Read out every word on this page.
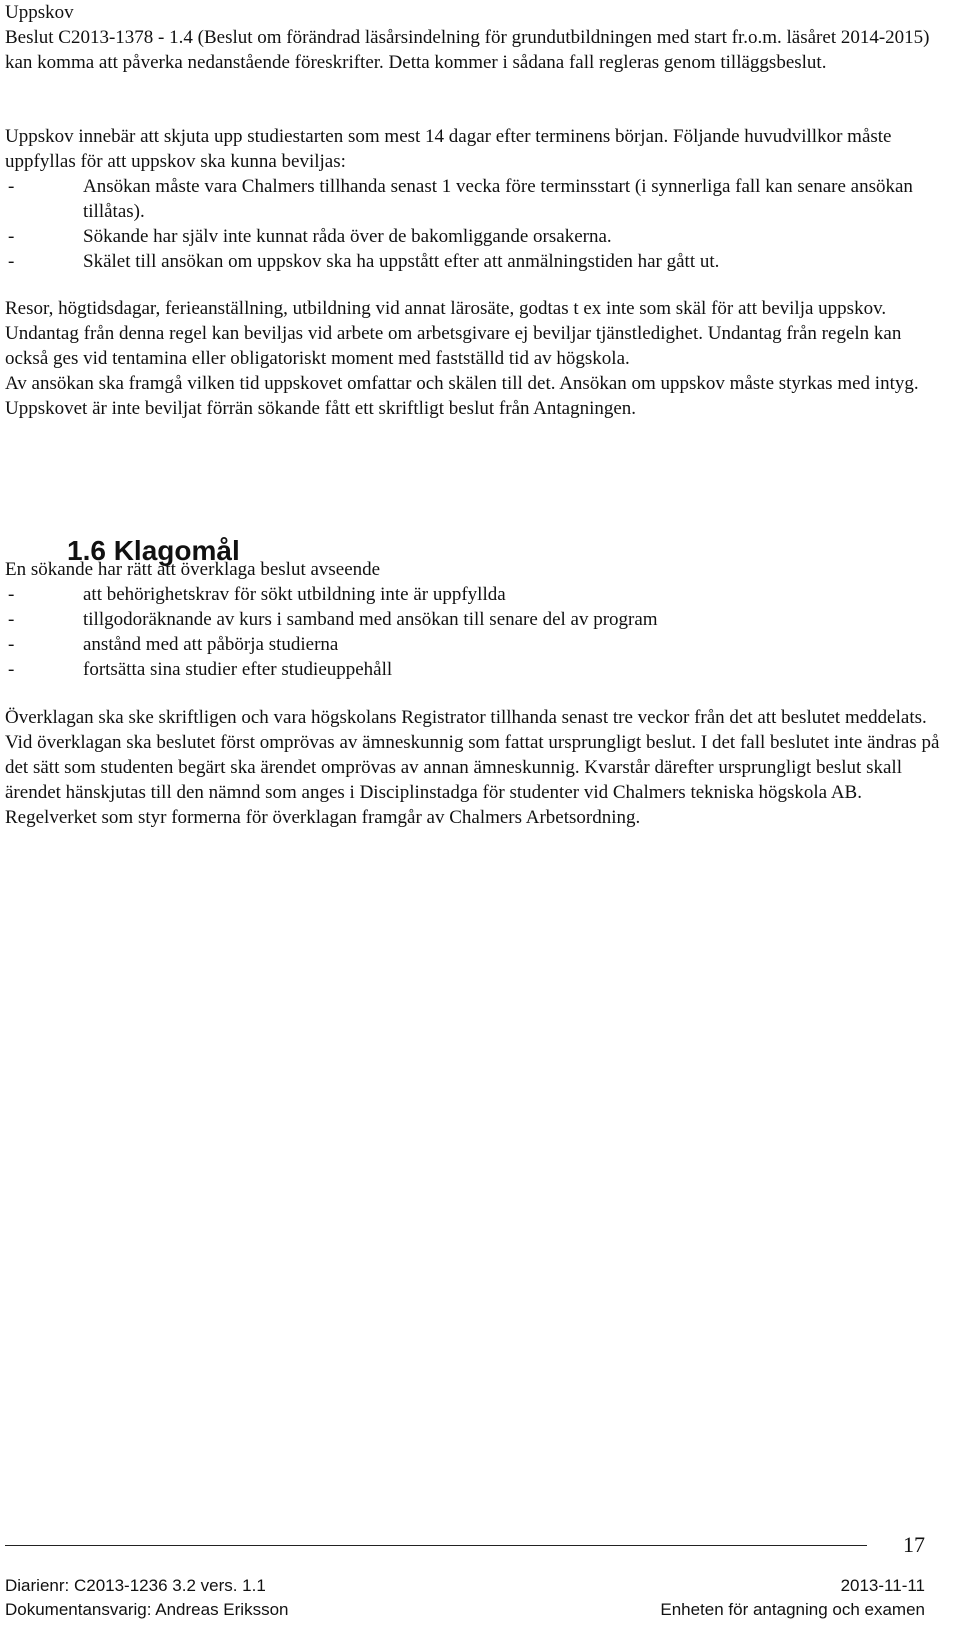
Uppskov

Beslut C2013-1378 - 1.4 (Beslut om förändrad läsårsindelning för grundutbildningen med start fr.o.m. läsåret 2014-2015) kan komma att påverka nedanstående föreskrifter. Detta kommer i sådana fall regleras genom tilläggsbeslut.

Uppskov innebär att skjuta upp studiestarten som mest 14 dagar efter terminens början. Följande huvudvillkor måste uppfyllas för att uppskov ska kunna beviljas:

-	Ansökan måste vara Chalmers tillhanda senast 1 vecka före terminsstart (i synnerliga fall kan senare ansökan tillåtas).
-	Sökande har själv inte kunnat råda över de bakomliggande orsakerna.
-	Skälet till ansökan om uppskov ska ha uppstått efter att anmälningstiden har gått ut.

Resor, högtidsdagar, ferieanställning, utbildning vid annat lärosäte, godtas t ex inte som skäl för att bevilja uppskov. Undantag från denna regel kan beviljas vid arbete om arbetsgivare ej beviljar tjänstledighet. Undantag från regeln kan också ges vid tentamina eller obligatoriskt moment med fastställd tid av högskola.

Av ansökan ska framgå vilken tid uppskovet omfattar och skälen till det. Ansökan om uppskov måste styrkas med intyg. Uppskovet är inte beviljat förrän sökande fått ett skriftligt beslut från Antagningen.

1.6 Klagomål

En sökande har rätt att överklaga beslut avseende

-	att behörighetskrav för sökt utbildning inte är uppfyllda
-	tillgodoräknande av kurs i samband med ansökan till senare del av program
-	anstånd med att påbörja studierna
-	fortsätta sina studier efter studieuppehåll

Överklagan ska ske skriftligen och vara högskolans Registrator tillhanda senast tre veckor från det att beslutet meddelats. Vid överklagan ska beslutet först omprövas av ämneskunnig som fattat ursprungligt beslut. I det fall beslutet inte ändras på det sätt som studenten begärt ska ärendet omprövas av annan ämneskunnig. Kvarstår därefter ursprungligt beslut skall ärendet hänskjutas till den nämnd som anges i Disciplinstadga för studenter vid Chalmers tekniska högskola AB. Regelverket som styr formerna för överklagan framgår av Chalmers Arbetsordning.

17
Diarienr: C2013-1236 3.2 vers. 1.1	2013-11-11
Dokumentansvarig: Andreas Eriksson	Enheten för antagning och examen
